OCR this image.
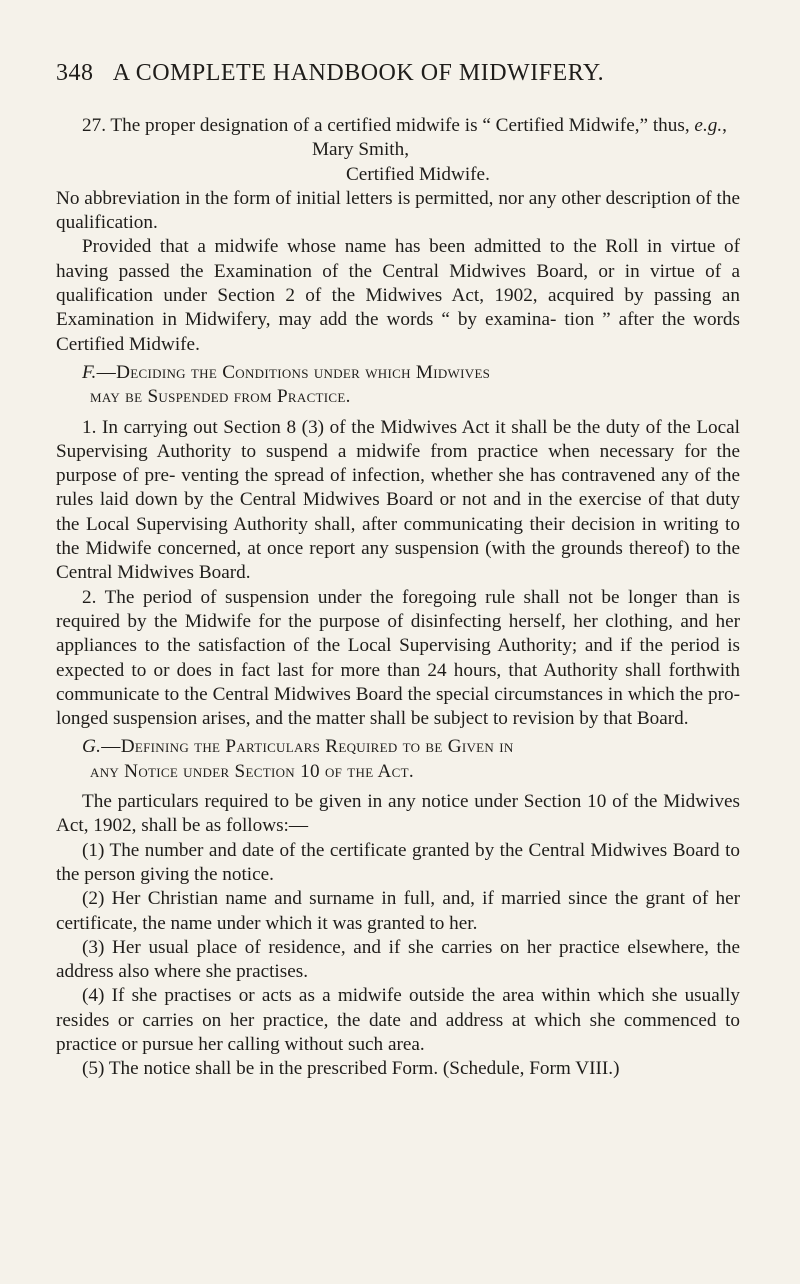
348 A COMPLETE HANDBOOK OF MIDWIFERY.

27. The proper designation of a certified midwife is “ Certified Midwife,” thus, e.g.,

Mary Smith,
Certified Midwife.

No abbreviation in the form of initial letters is permitted, nor any other description of the qualification.

Provided that a midwife whose name has been admitted to the Roll in virtue of having passed the Examination of the Central Midwives Board, or in virtue of a qualification under Section 2 of the Midwives Act, 1902, acquired by passing an Examination in Midwifery, may add the words “ by examina- tion ” after the words Certified Midwife.

F.—Deciding the Conditions under which Midwives
may be Suspended from Practice.

1. In carrying out Section 8 (3) of the Midwives Act it shall be the duty of the Local Supervising Authority to suspend a midwife from practice when necessary for the purpose of pre- venting the spread of infection, whether she has contravened any of the rules laid down by the Central Midwives Board or not and in the exercise of that duty the Local Supervising Authority shall, after communicating their decision in writing to the Midwife concerned, at once report any suspension (with the grounds thereof) to the Central Midwives Board.

2. The period of suspension under the foregoing rule shall not be longer than is required by the Midwife for the purpose of disinfecting herself, her clothing, and her appliances to the satisfaction of the Local Supervising Authority; and if the period is expected to or does in fact last for more than 24 hours, that Authority shall forthwith communicate to the Central Midwives Board the special circumstances in which the pro- longed suspension arises, and the matter shall be subject to revision by that Board.

G.—Defining the Particulars Required to be Given in
any Notice under Section 10 of the Act.

The particulars required to be given in any notice under Section 10 of the Midwives Act, 1902, shall be as follows:—

(1) The number and date of the certificate granted by the Central Midwives Board to the person giving the notice.

(2) Her Christian name and surname in full, and, if married since the grant of her certificate, the name under which it was granted to her.

(3) Her usual place of residence, and if she carries on her practice elsewhere, the address also where she practises.

(4) If she practises or acts as a midwife outside the area within which she usually resides or carries on her practice, the date and address at which she commenced to practice or pursue her calling without such area.

(5) The notice shall be in the prescribed Form. (Schedule, Form VIII.)
